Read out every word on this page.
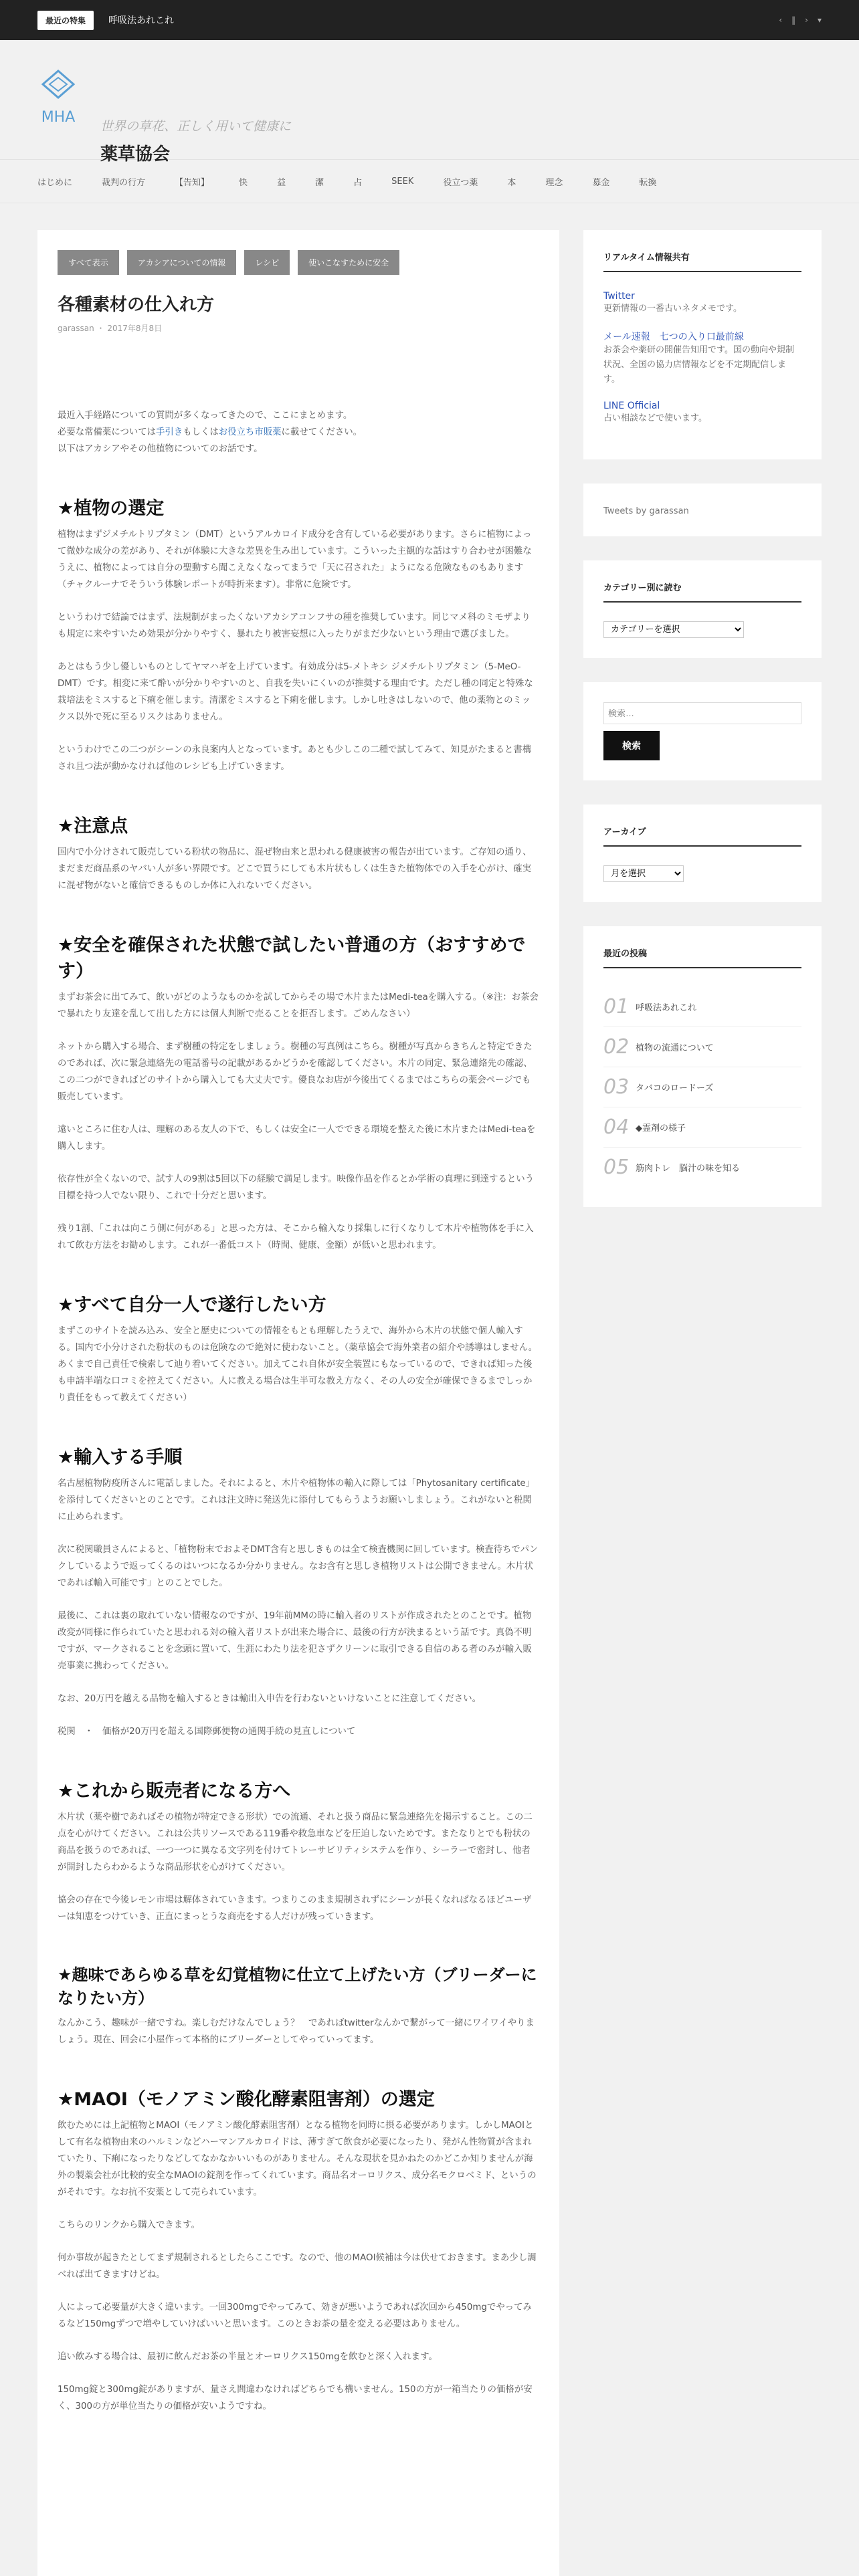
最近の特集	呼吸法あれこれ	‹ ‖ › ▾
MHA
世界の草花、正しく用いて健康に
薬草協会
はじめに	裁判の行方	【告知】	快	益	潔	占	SEEK	役立つ薬	本	理念	募金	転換
すべて表示	アカシアについての情報	レシピ	使いこなすために安全
各種素材の仕入れ方
garassan ・ 2017年8月8日

最近入手経路についての質問が多くなってきたので、ここにまとめます。
必要な常備薬については手引きもしくはお役立ち市販薬に載せてください。
以下はアカシアやその他植物についてのお話です。

★植物の選定

植物はまずジメチルトリプタミン（DMT）というアルカロイド成分を含有している必要があります。さらに植物によって微妙な成分の差があり、それが体験に大きな差異を生み出しています。こういった主観的な話はすり合わせが困難なうえに、植物によっては自分の聖動すら聞こえなくなってまうで「天に召された」ようになる危険なものもあります（チャクルーナでそういう体験レポートが時折来ます）。非常に危険です。

というわけで結論ではまず、法規制がまったくないアカシアコンフサの種を推奨しています。同じマメ科のミモザよりも規定に来やすいため効果が分かりやすく、暴れたり被害妄想に入ったりがまだ少ないという理由で選びました。

あとはもう少し優しいものとしてヤマハギを上げています。有効成分は5-メトキシ ジメチルトリプタミン（5-MeO-DMT）です。相変に来て酔いが分かりやすいのと、自我を失いにくいのが推奨する理由です。ただし種の同定と特殊な栽培法をミスすると下痢を催します。清潔をミスすると下痢を催します。しかし吐きはしないので、他の薬物とのミックス以外で死に至るリスクはありません。

というわけでこの二つがシーンの永良案内人となっています。あとも少しこの二種で試してみて、知見がたまると書構され且つ法が動かなければ他のレシピも上げていきます。

★注意点

国内で小分けされて販売している粉状の物品に、混ぜ物由来と思われる健康被害の報告が出ています。ご存知の通り、まだまだ商品系のヤバい人が多い界隈です。どこで買うにしても木片状もしくは生きた植物体での入手を心がけ、確実に混ぜ物がないと確信できるものしか体に入れないでください。

★安全を確保された状態で試したい普通の方（おすすめです）

まずお茶会に出てみて、飲いがどのようなものかを試してからその場で木片またはMedi-teaを購入する。（※注：お茶会で暴れたり友達を乱して出した方には個人判断で売ることを拒否します。ごめんなさい）

ネットから購入する場合、まず樹種の特定をしましょう。樹種の写真例はこちら。樹種が写真からきちんと特定できたのであれば、次に緊急連絡先の電話番号の記載があるかどうかを確認してください。木片の同定、緊急連絡先の確認、この二つができればどのサイトから購入しても大丈夫です。優良なお店が今後出てくるまではこちらの薬会ページでも販売しています。

遠いところに住む人は、理解のある友人の下で、もしくは安全に一人でできる環境を整えた後に木片またはMedi-teaを購入します。

依存性が全くないので、試す人の9割は5回以下の経験で満足します。映像作品を作るとか学術の真理に到達するという目標を持つ人でない限り、これで十分だと思います。

残り1割、「これは向こう側に何がある」と思った方は、そこから輸入なり採集しに行くなりして木片や植物体を手に入れて飲む方法をお勧めします。これが一番低コスト（時間、健康、金額）が低いと思われます。

★すべて自分一人で遂行したい方

まずこのサイトを読み込み、安全と歴史についての情報をもとも理解したうえで、海外から木片の状態で個人輸入する。国内で小分けされた粉状のものは危険なので絶対に使わないこと。（薬草協会で海外業者の紹介や誘導はしません。あくまで自己責任で検索して辿り着いてください。加えてこれ自体が安全装置にもなっているので、できれば知った後も申請半端な口コミを控えてください。人に教える場合は生半可な教え方なく、その人の安全が確保できるまでしっかり責任をもって教えてください）

★輸入する手順

名古屋植物防疫所さんに電話しました。それによると、木片や植物体の輸入に際しては「Phytosanitary certificate」を添付してくださいとのことです。これは注文時に発送先に添付してもらうようお願いしましょう。これがないと税関に止められます。

次に税関職員さんによると、「植物粉末でおよそDMT含有と思しきものは全て検査機関に回しています。検査待ちでパンクしているようで返ってくるのはいつになるか分かりません。なお含有と思しき植物リストは公開できません。木片状であれば輸入可能です」とのことでした。

最後に、これは裏の取れていない情報なのですが、19年前MMの時に輸入者のリストが作成されたとのことです。植物改変が同様に作られていたと思われる対の輸入者リストが出来た場合に、最後の行方が決まるという話です。真偽不明ですが、マークされることを念頭に置いて、生涯にわたり法を犯さずクリーンに取引できる自信のある者のみが輸入販売事業に携わってください。

なお、20万円を越える品物を輸入するときは輸出入申告を行わないといけないことに注意してください。

税関　・　価格が20万円を超える国際郵便物の通関手続の見直しについて

★これから販売者になる方へ

木片状（薬や樹であればその植物が特定できる形状）での流通、それと扱う商品に緊急連絡先を掲示すること。この二点を心がけてください。これは公共リソースである119番や救急車などを圧迫しないためです。またなりとでも粉状の商品を扱うのであれば、一つ一つに異なる文字列を付けてトレーサビリティシステムを作り、シーラーで密封し、他者が開封したらわかるような商品形状を心がけてください。

協会の存在で今後レモン市場は解体されていきます。つまりこのまま規制されずにシーンが長くなればなるほどユーザーは知恵をつけていき、正直にまっとうな商売をする人だけが残っていきます。

★趣味であらゆる草を幻覚植物に仕立て上げたい方（ブリーダーになりたい方）

なんかこう、趣味が一緒ですね。楽しむだけなんでしょう？　であればtwitterなんかで繋がって一緒にワイワイやりましょう。現在、回会に小屋作って本格的にブリーダーとしてやっていってます。

★MAOI（モノアミン酸化酵素阻害剤）の選定

飲むためには上記植物とMAOI（モノアミン酸化酵素阻害剤）となる植物を同時に摂る必要があります。しかしMAOIとして有名な植物由来のハルミンなどハーマンアルカロイドは、薄すぎて飲食が必要になったり、発がん性物質が含まれていたり、下痢になったりなどしてなかなかいいものがありません。そんな現状を見かねたのかどこか知りませんが海外の製薬会社が比較的安全なMAOIの錠剤を作ってくれています。商品名オーロリクス、成分名モクロベミド、というのがそれです。なお抗不安薬として売られています。

こちらのリンクから購入できます。

何か事故が起きたとしてまず規制されるとしたらここです。なので、他のMAOI候補は今は伏せておきます。まあ少し調べれば出てきますけどね。

人によって必要量が大きく違います。一回300mgでやってみて、効きが悪いようであれば次回から450mgでやってみるなど150mgずつで増やしていけばいいと思います。このときお茶の量を変える必要はありません。

追い飲みする場合は、最初に飲んだお茶の半量とオーロリクス150mgを飲むと深く入れます。

150mg錠と300mg錠がありますが、量さえ間違わなければどちらでも構いません。150の方が一箱当たりの価格が安く、300の方が単位当たりの価格が安いようですね。

リアルタイム情報共有
Twitter
更新情報の一番古いネタメモです。
メール速報　七つの入り口最前線
お茶会や薬研の開催告知用です。国の動向や規制状況、全国の協力店情報などを不定期配信します。
LINE Official
占い相談などで使います。
Tweets by garassan
カテゴリー別に読む
カテゴリーを選択
検索… 検索
アーカイブ
月を選択
最近の投稿
01 呼吸法あれこれ
02 植物の流通について
03 タバコのロードーズ
04 ◆霊剤の様子
05 筋肉トレ　脳汁の味を知る
